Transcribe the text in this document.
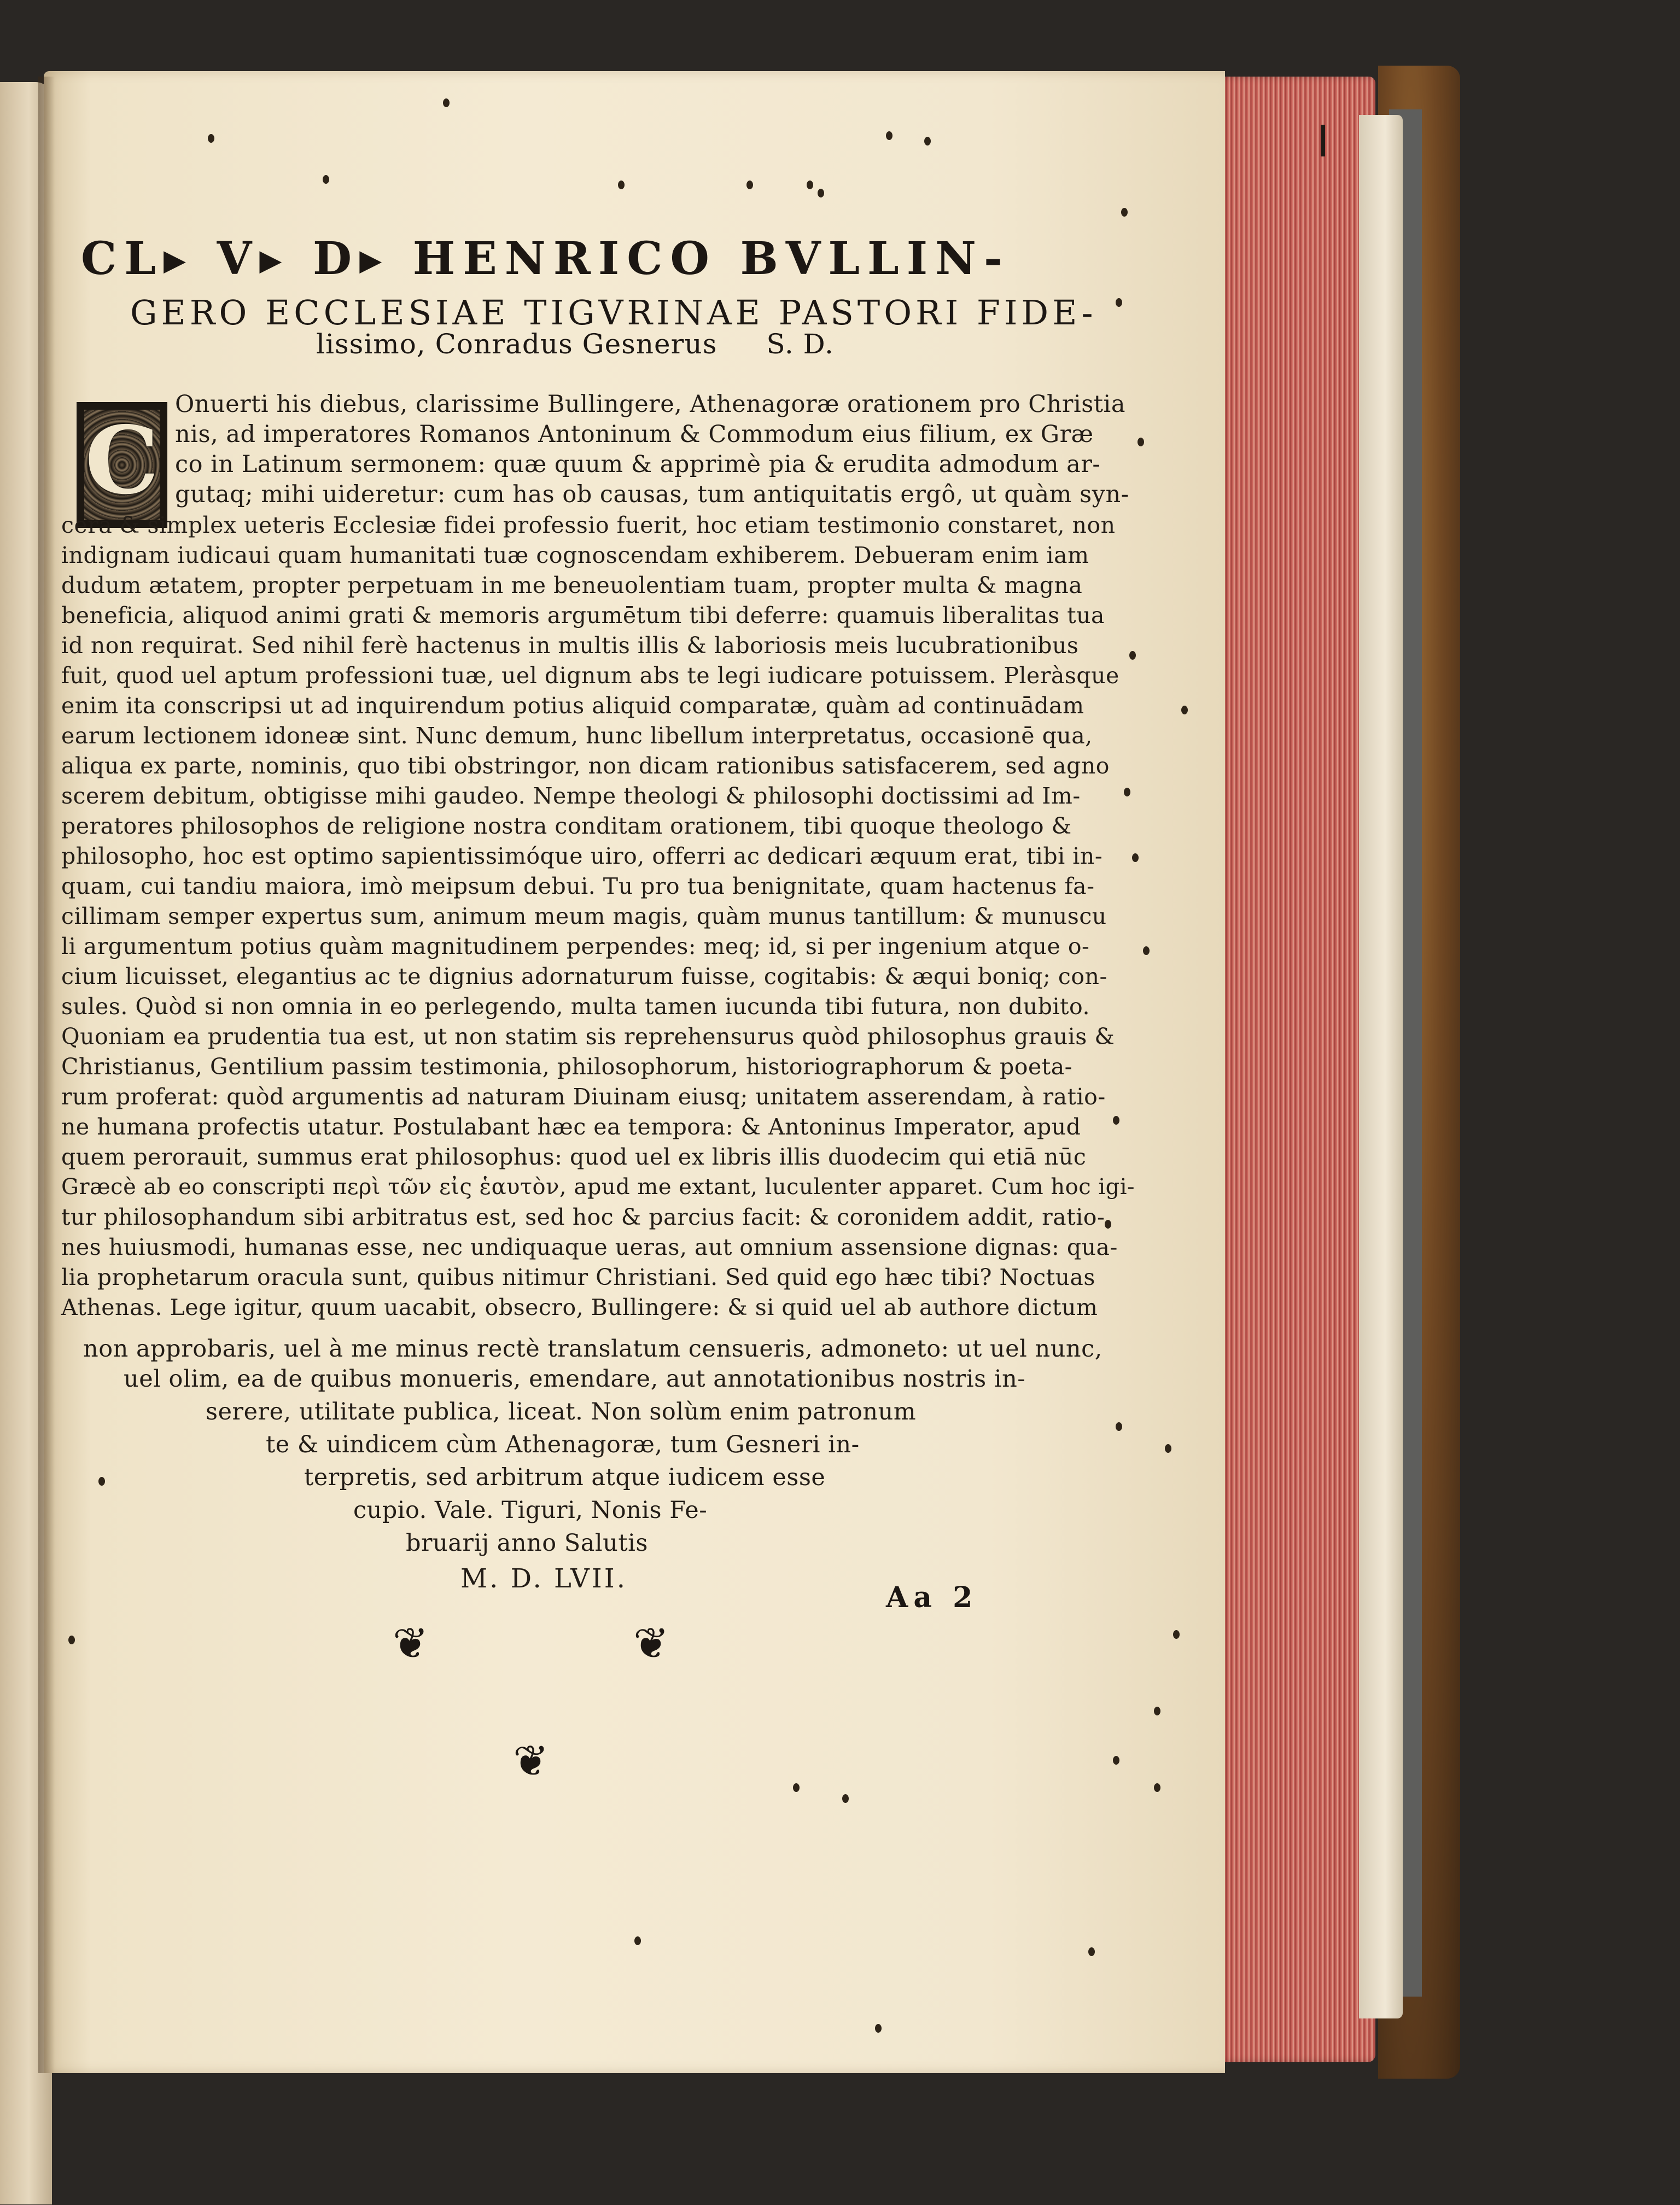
CL▸ V▸ D▸ HENRICO BVLLIN-
GERO ECCLESIAE TIGVRINAE PASTORI FIDE-
lissimo, Conradus Gesnerus S. D.
C
Onuerti his diebus, clarissime Bullingere, Athenagoræ orationem pro Christia
nis, ad imperatores Romanos Antoninum & Commodum eius filium, ex Græ
co in Latinum sermonem: quæ quum & apprimè pia & erudita admodum ar-
gutaq; mihi uideretur: cum has ob causas, tum antiquitatis ergô, ut quàm syn-
cera & simplex ueteris Ecclesiæ fidei professio fuerit, hoc etiam testimonio constaret, non
indignam iudicaui quam humanitati tuæ cognoscendam exhiberem. Debueram enim iam
dudum ætatem, propter perpetuam in me beneuolentiam tuam, propter multa & magna
beneficia, aliquod animi grati & memoris argumētum tibi deferre: quamuis liberalitas tua
id non requirat. Sed nihil ferè hactenus in multis illis & laboriosis meis lucubrationibus
fuit, quod uel aptum professioni tuæ, uel dignum abs te legi iudicare potuissem. Pleràsque
enim ita conscripsi ut ad inquirendum potius aliquid comparatæ, quàm ad continuādam
earum lectionem idoneæ sint. Nunc demum, hunc libellum interpretatus, occasionē qua,
aliqua ex parte, nominis, quo tibi obstringor, non dicam rationibus satisfacerem, sed agno
scerem debitum, obtigisse mihi gaudeo. Nempe theologi & philosophi doctissimi ad Im-
peratores philosophos de religione nostra conditam orationem, tibi quoque theologo &
philosopho, hoc est optimo sapientissimóque uiro, offerri ac dedicari æquum erat, tibi in-
quam, cui tandiu maiora, imò meipsum debui. Tu pro tua benignitate, quam hactenus fa-
cillimam semper expertus sum, animum meum magis, quàm munus tantillum: & munuscu
li argumentum potius quàm magnitudinem perpendes: meq; id, si per ingenium atque o-
cium licuisset, elegantius ac te dignius adornaturum fuisse, cogitabis: & æqui boniq; con-
sules. Quòd si non omnia in eo perlegendo, multa tamen iucunda tibi futura, non dubito.
Quoniam ea prudentia tua est, ut non statim sis reprehensurus quòd philosophus grauis &
Christianus, Gentilium passim testimonia, philosophorum, historiographorum & poeta-
rum proferat: quòd argumentis ad naturam Diuinam eiusq; unitatem asserendam, à ratio-
ne humana profectis utatur. Postulabant hæc ea tempora: & Antoninus Imperator, apud
quem perorauit, summus erat philosophus: quod uel ex libris illis duodecim qui etiā nūc
Græcè ab eo conscripti περὶ τῶν εἰς ἑαυτὸν, apud me extant, luculenter apparet. Cum hoc igi-
tur philosophandum sibi arbitratus est, sed hoc & parcius facit: & coronidem addit, ratio-
nes huiusmodi, humanas esse, nec undiquaque ueras, aut omnium assensione dignas: qua-
lia prophetarum oracula sunt, quibus nitimur Christiani. Sed quid ego hæc tibi? Noctuas
Athenas. Lege igitur, quum uacabit, obsecro, Bullingere: & si quid uel ab authore dictum
non approbaris, uel à me minus rectè translatum censueris, admoneto: ut uel nunc,
uel olim, ea de quibus monueris, emendare, aut annotationibus nostris in-
serere, utilitate publica, liceat. Non solùm enim patronum
te & uindicem cùm Athenagoræ, tum Gesneri in-
terpretis, sed arbitrum atque iudicem esse
cupio. Vale. Tiguri, Nonis Fe-
bruarij anno Salutis
M. D. LVII.
Aa 2
❦	❦
❦
